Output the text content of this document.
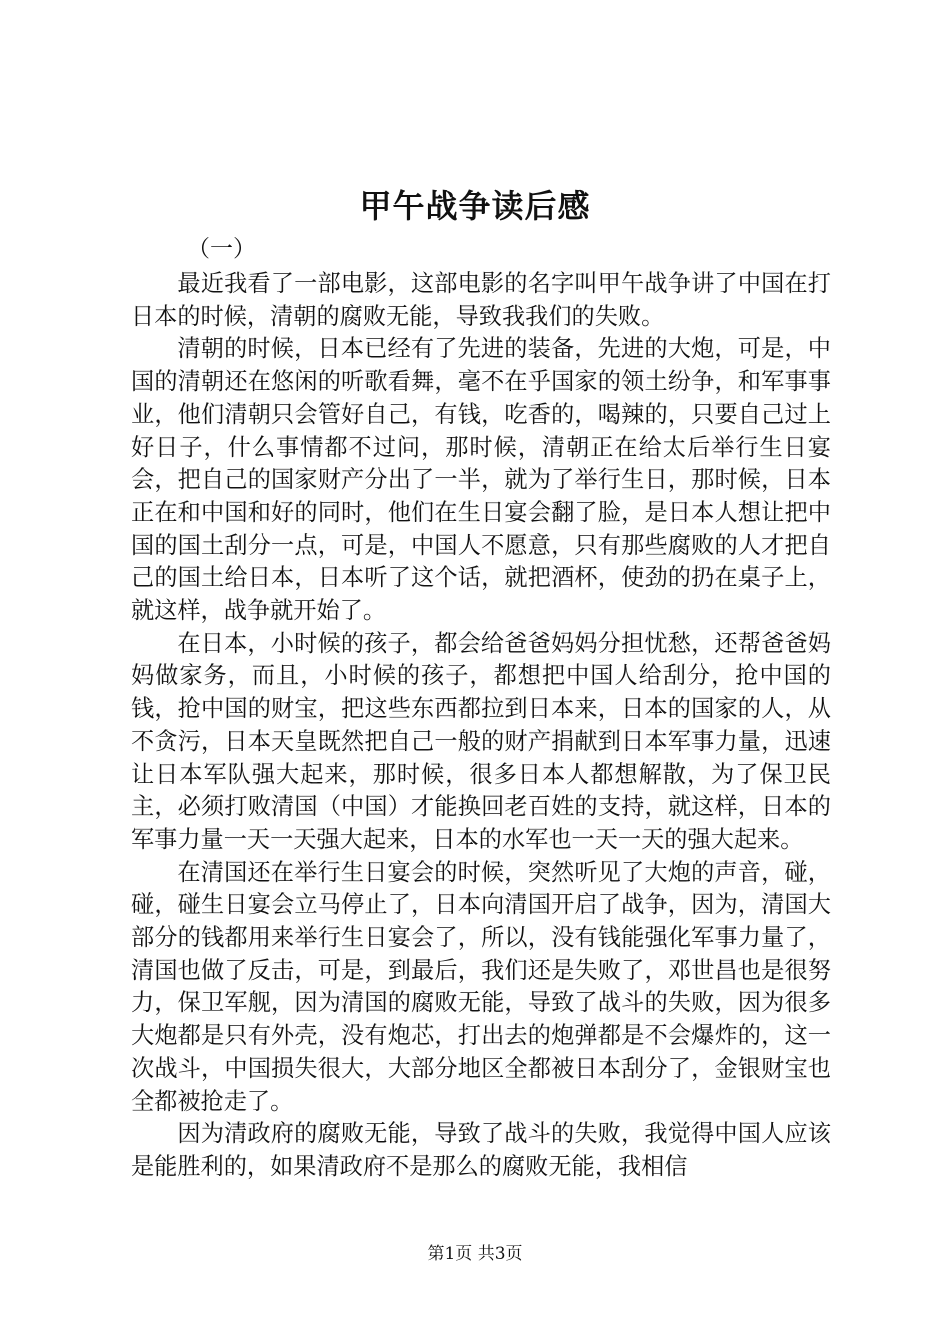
甲午战争读后感
（一）

最近我看了一部电影，这部电影的名字叫甲午战争讲了中国在打日本的时候，清朝的腐败无能，导致我我们的失败。

清朝的时候，日本已经有了先进的装备，先进的大炮，可是，中国的清朝还在悠闲的听歌看舞，毫不在乎国家的领土纷争，和军事事业，他们清朝只会管好自己，有钱，吃香的，喝辣的，只要自己过上好日子，什么事情都不过问，那时候，清朝正在给太后举行生日宴会，把自己的国家财产分出了一半，就为了举行生日，那时候，日本正在和中国和好的同时，他们在生日宴会翻了脸，是日本人想让把中国的国土刮分一点，可是，中国人不愿意，只有那些腐败的人才把自己的国土给日本，日本听了这个话，就把酒杯，使劲的扔在桌子上，就这样，战争就开始了。

在日本，小时候的孩子，都会给爸爸妈妈分担忧愁，还帮爸爸妈妈做家务，而且，小时候的孩子，都想把中国人给刮分，抢中国的钱，抢中国的财宝，把这些东西都拉到日本来，日本的国家的人，从不贪污，日本天皇既然把自己一般的财产捐献到日本军事力量，迅速让日本军队强大起来，那时候，很多日本人都想解散，为了保卫民主，必须打败清国（中国）才能换回老百姓的支持，就这样，日本的军事力量一天一天强大起来，日本的水军也一天一天的强大起来。

在清国还在举行生日宴会的时候，突然听见了大炮的声音，碰，碰，碰生日宴会立马停止了，日本向清国开启了战争，因为，清国大部分的钱都用来举行生日宴会了，所以，没有钱能强化军事力量了，清国也做了反击，可是，到最后，我们还是失败了，邓世昌也是很努力，保卫军舰，因为清国的腐败无能，导致了战斗的失败，因为很多大炮都是只有外壳，没有炮芯，打出去的炮弹都是不会爆炸的，这一次战斗，中国损失很大，大部分地区全都被日本刮分了，金银财宝也全都被抢走了。

因为清政府的腐败无能，导致了战斗的失败，我觉得中国人应该是能胜利的，如果清政府不是那么的腐败无能，我相信

第1页 共3页
